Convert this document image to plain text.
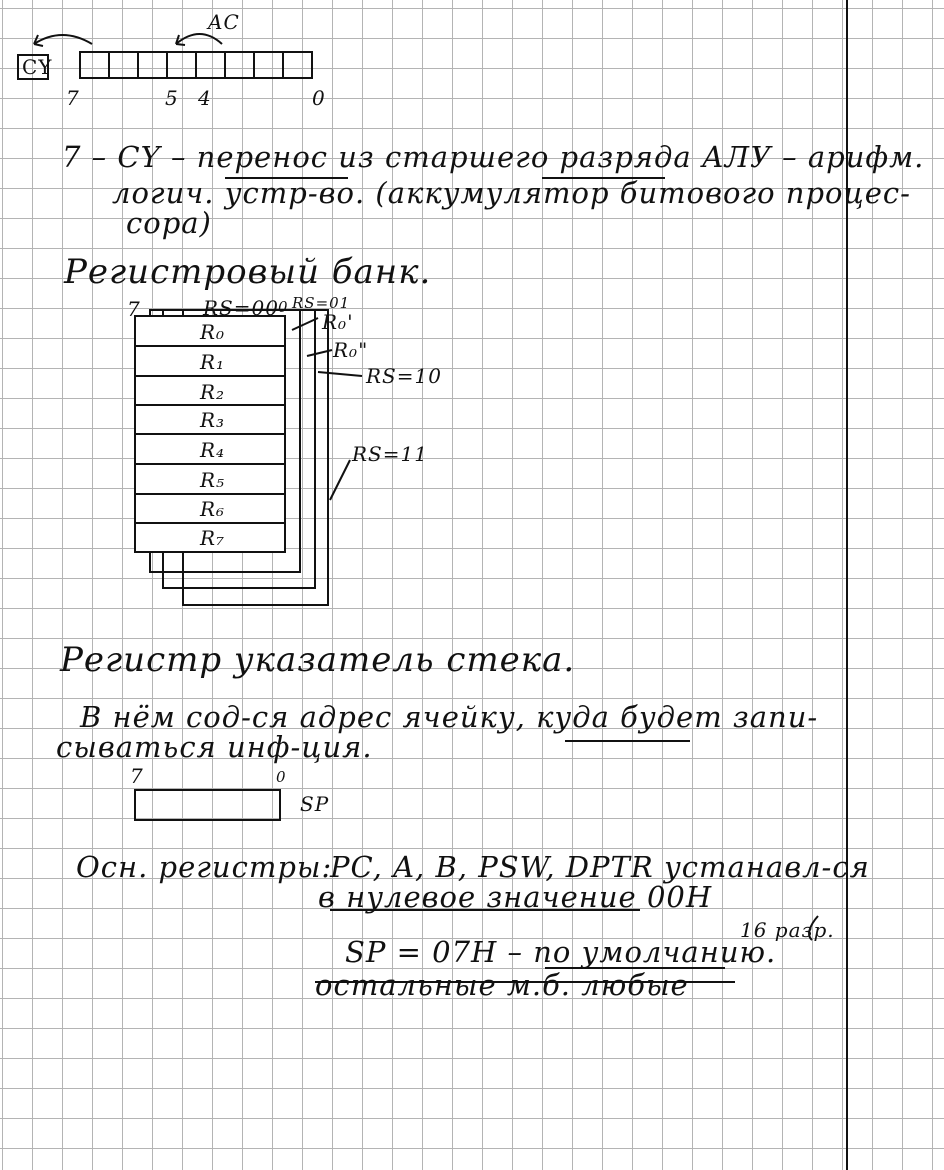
CY
AC
7	5 4	0
7 – CY – перенос из старшего разряда АЛУ – арифм.
логич. устр-во. (аккумулятор битового процес-
сора)
Регистровый банк.
7	RS=00 0 RS=01
R₀'
R₀"
RS=10
RS=11
R₀
R₁
R₂
R₃
R₄
R₅
R₆
R₇
Регистр указатель стека.
В нём сод-ся адрес ячейку, куда будет запи-
сываться инф-ция.
7	0
SP
Осн. регистры:
PC, A, B, PSW, DPTR устанавл-ся
в нулевое значение 00H
16 разр.
SP = 07H – по умолчанию.
остальные м.б. любые
